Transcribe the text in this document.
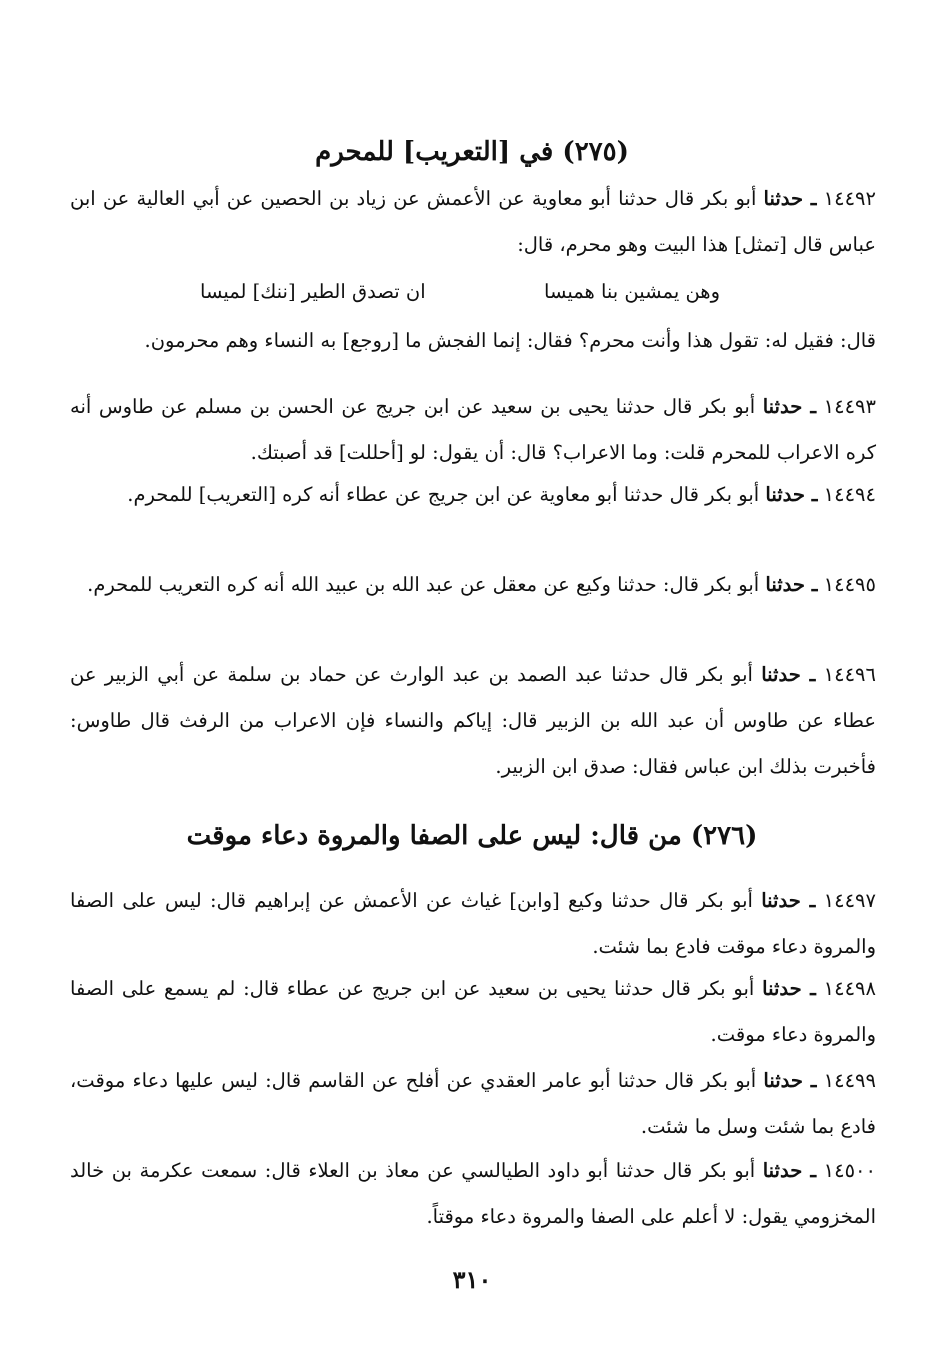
(٢٧٥) في [التعريب] للمحرم

١٤٤٩٢ ـ حدثنا أبو بكر قال حدثنا أبو معاوية عن الأعمش عن زياد بن الحصين عن أبي العالية عن ابن عباس قال [تمثل] هذا البيت وهو محرم، قال:

وهن يمشين بنا هميسا
ان تصدق الطير [ننك] لميسا

قال: فقيل له: تقول هذا وأنت محرم؟ فقال: إنما الفجش ما [روجع] به النساء وهم محرمون.

١٤٤٩٣ ـ حدثنا أبو بكر قال حدثنا يحيى بن سعيد عن ابن جريج عن الحسن بن مسلم عن طاوس أنه كره الاعراب للمحرم قلت: وما الاعراب؟ قال: أن يقول: لو [أحللت] قد أصبتك.

١٤٤٩٤ ـ حدثنا أبو بكر قال حدثنا أبو معاوية عن ابن جريج عن عطاء أنه كره [التعريب] للمحرم.

١٤٤٩٥ ـ حدثنا أبو بكر قال: حدثنا وكيع عن معقل عن عبد الله بن عبيد الله أنه كره التعريب للمحرم.

١٤٤٩٦ ـ حدثنا أبو بكر قال حدثنا عبد الصمد بن عبد الوارث عن حماد بن سلمة عن أبي الزبير عن عطاء عن طاوس أن عبد الله بن الزبير قال: إياكم والنساء فإن الاعراب من الرفث قال طاوس: فأخبرت بذلك ابن عباس فقال: صدق ابن الزبير.

(٢٧٦) من قال: ليس على الصفا والمروة دعاء موقت

١٤٤٩٧ ـ حدثنا أبو بكر قال حدثنا وكيع [وابن] غياث عن الأعمش عن إبراهيم قال: ليس على الصفا والمروة دعاء موقت فادع بما شئت.

١٤٤٩٨ ـ حدثنا أبو بكر قال حدثنا يحيى بن سعيد عن ابن جريج عن عطاء قال: لم يسمع على الصفا والمروة دعاء موقت.

١٤٤٩٩ ـ حدثنا أبو بكر قال حدثنا أبو عامر العقدي عن أفلح عن القاسم قال: ليس عليها دعاء موقت، فادع بما شئت وسل ما شئت.

١٤٥٠٠ ـ حدثنا أبو بكر قال حدثنا أبو داود الطيالسي عن معاذ بن العلاء قال: سمعت عكرمة بن خالد المخزومي يقول: لا أعلم على الصفا والمروة دعاء موقتاً.

٣١٠
